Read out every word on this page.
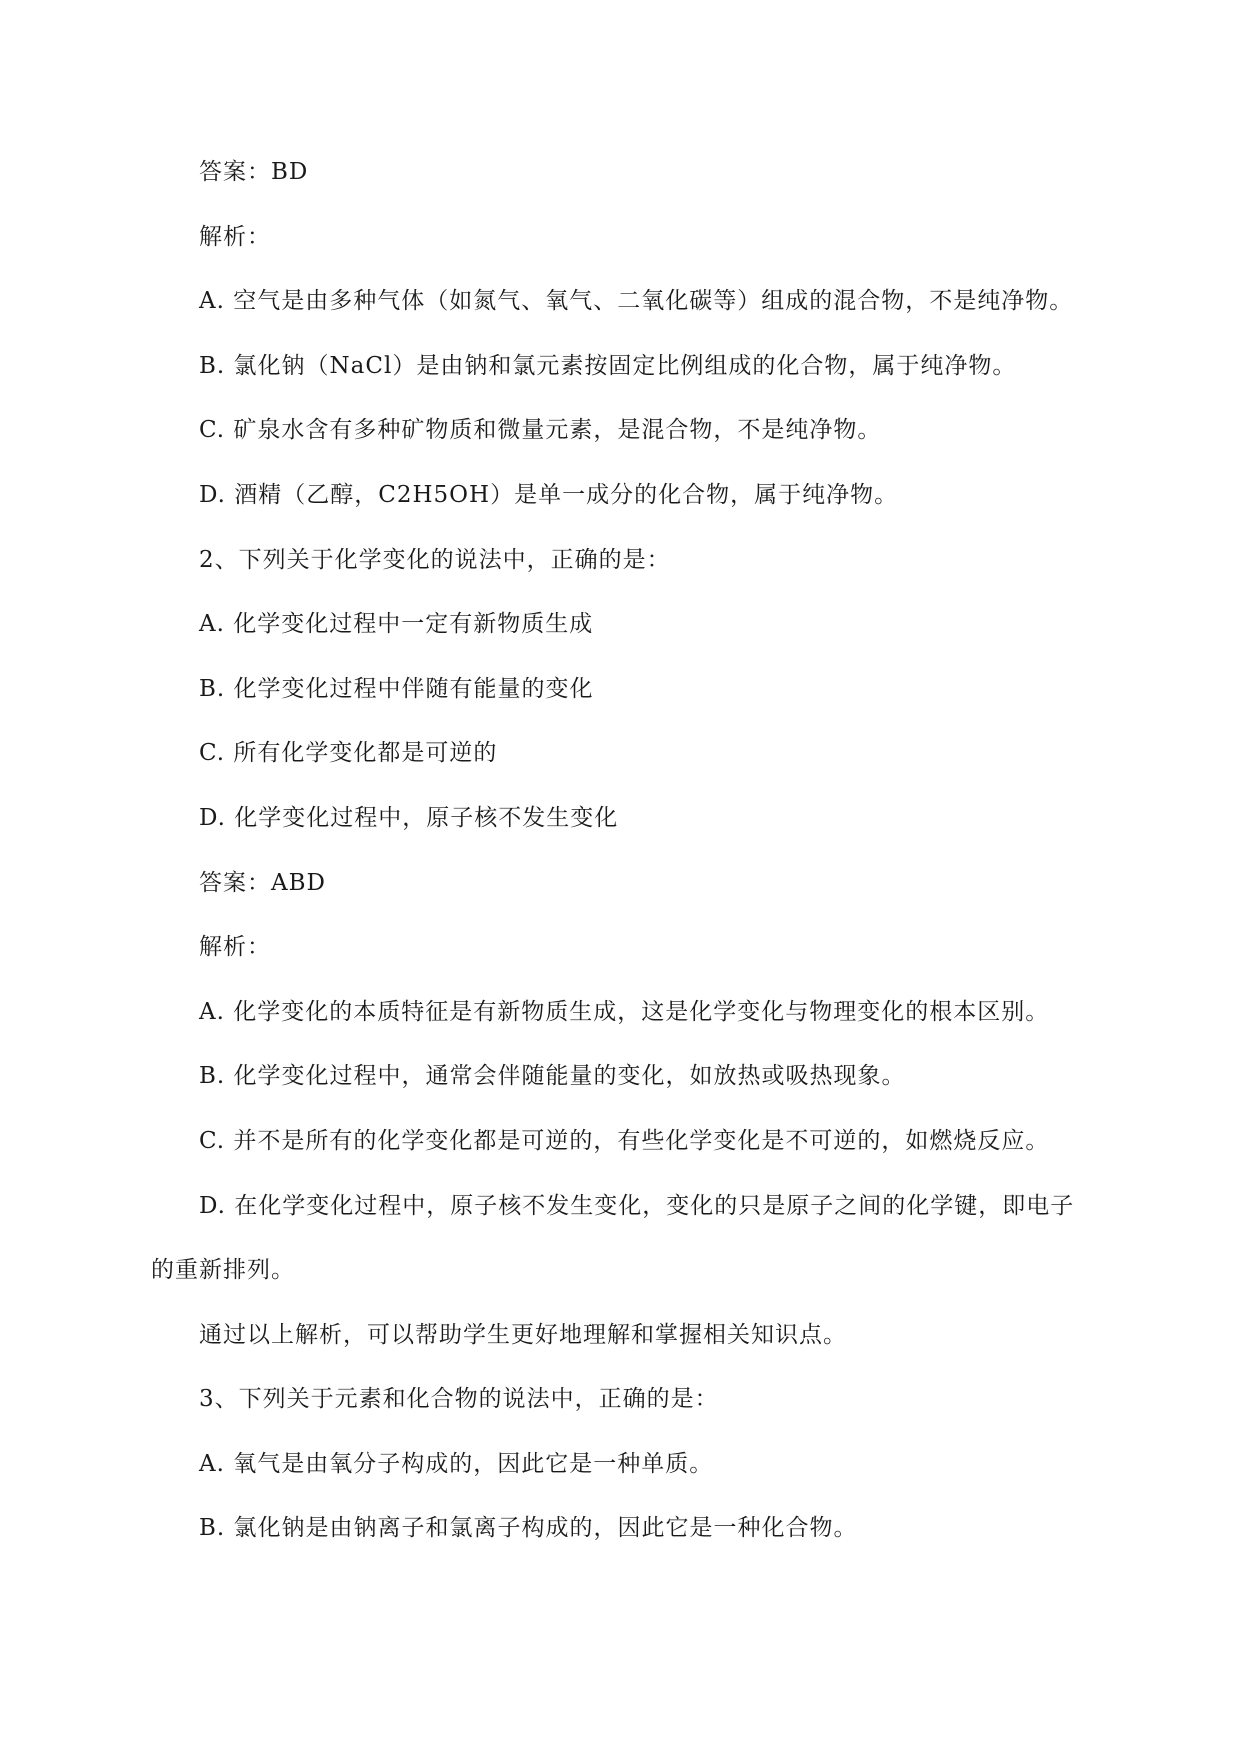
答案：BD

解析：

A. 空气是由多种气体（如氮气、氧气、二氧化碳等）组成的混合物，不是纯净物。

B. 氯化钠（NaCl）是由钠和氯元素按固定比例组成的化合物，属于纯净物。

C. 矿泉水含有多种矿物质和微量元素，是混合物，不是纯净物。

D. 酒精（乙醇，C2H5OH）是单一成分的化合物，属于纯净物。

2、下列关于化学变化的说法中，正确的是：

A. 化学变化过程中一定有新物质生成

B. 化学变化过程中伴随有能量的变化

C. 所有化学变化都是可逆的

D. 化学变化过程中，原子核不发生变化

答案：ABD

解析：

A. 化学变化的本质特征是有新物质生成，这是化学变化与物理变化的根本区别。

B. 化学变化过程中，通常会伴随能量的变化，如放热或吸热现象。

C. 并不是所有的化学变化都是可逆的，有些化学变化是不可逆的，如燃烧反应。

D. 在化学变化过程中，原子核不发生变化，变化的只是原子之间的化学键，即电子的重新排列。

通过以上解析，可以帮助学生更好地理解和掌握相关知识点。

3、下列关于元素和化合物的说法中，正确的是：

A. 氧气是由氧分子构成的，因此它是一种单质。

B. 氯化钠是由钠离子和氯离子构成的，因此它是一种化合物。
